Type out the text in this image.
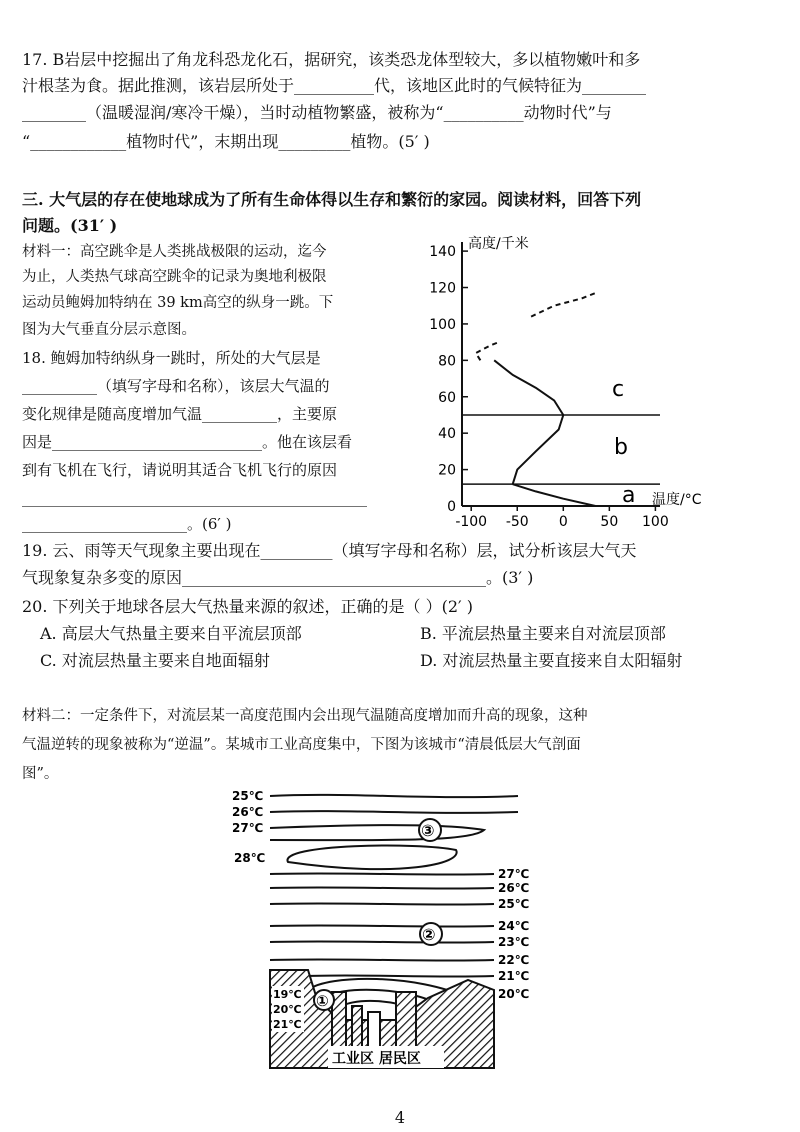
17. B岩层中挖掘出了角龙科恐龙化石，据研究，该类恐龙体型较大，多以植物嫩叶和多
汁根茎为食。据此推测，该岩层所处于__________代，该地区此时的气候特征为________
________（温暖湿润/寒冷干燥），当时动植物繁盛，被称为“__________动物时代”与
“____________植物时代”，末期出现_________植物。(5′ )
三. 大气层的存在使地球成为了所有生命体得以生存和繁衍的家园。阅读材料，回答下列
问题。(31′ )
材料一：高空跳伞是人类挑战极限的运动，迄今
为止，人类热气球高空跳伞的记录为奥地利极限
运动员鲍姆加特纳在 39 km高空的纵身一跳。下
图为大气垂直分层示意图。
18. 鲍姆加特纳纵身一跳时，所处的大气层是
__________（填写字母和名称），该层大气温的
变化规律是随高度增加气温__________，主要原
因是____________________________。他在该层看
到有飞机在飞行，请说明其适合飞机飞行的原因
______________________________________________
______________________。(6′ )
0
20
40
60
80
100
120
140
-100 -50 0 50 100
高度/千米
温度/°C
a
b
c
19. 云、雨等天气现象主要出现在_________（填写字母和名称）层，试分析该层大气天
气现象复杂多变的原因______________________________________。(3′ )
20. 下列关于地球各层大气热量来源的叙述，正确的是（ ）(2′ )
A. 高层大气热量主要来自平流层顶部	B. 平流层热量主要来自对流层顶部
C. 对流层热量主要来自地面辐射	D. 对流层热量主要直接来自太阳辐射
材料二：一定条件下，对流层某一高度范围内会出现气温随高度增加而升高的现象，这种
气温逆转的现象被称为“逆温”。某城市工业高度集中，下图为该城市“清晨低层大气剖面
图”。
③
②
①
25℃
26℃
27℃
28℃
27℃
26℃
25℃
24℃
23℃
22℃
21℃
20℃
19℃
20℃
21℃
工业区 居民区
4
